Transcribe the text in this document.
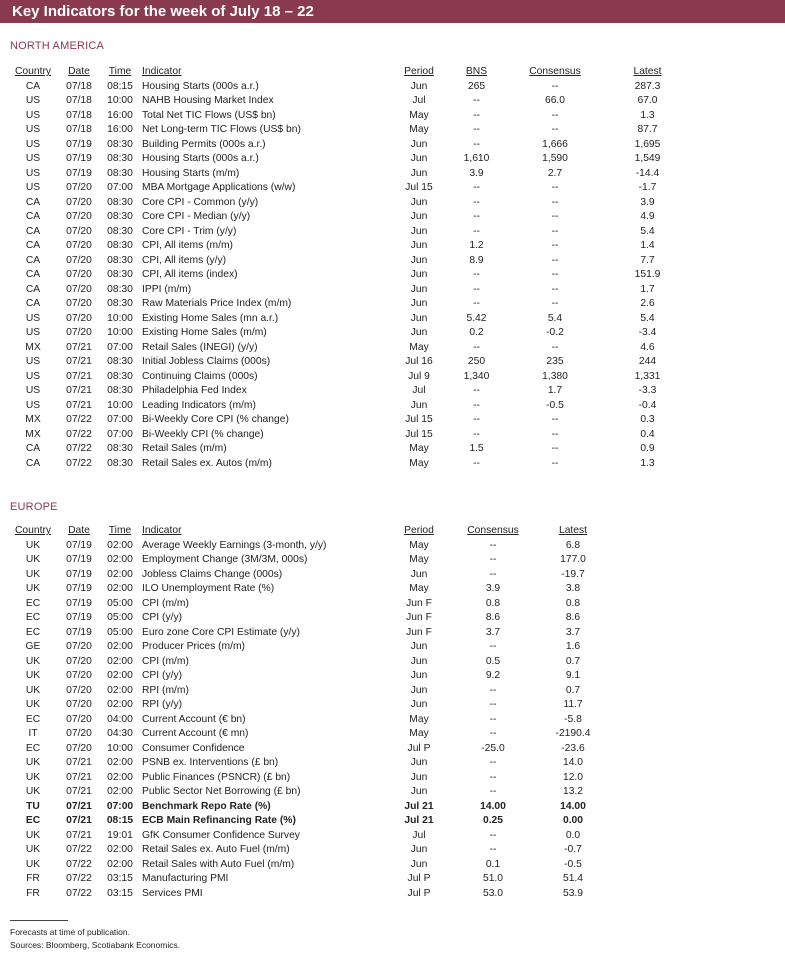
Key Indicators for the week of July 18 – 22
NORTH AMERICA
Country	Date	Time	Indicator	Period	BNS	Consensus	Latest
CA	07/18	08:15	Housing Starts (000s a.r.)	Jun	265	--	287.3
US	07/18	10:00	NAHB Housing Market Index	Jul	--	66.0	67.0
US	07/18	16:00	Total Net TIC Flows (US$ bn)	May	--	--	1.3
US	07/18	16:00	Net Long-term TIC Flows (US$ bn)	May	--	--	87.7
US	07/19	08:30	Building Permits (000s a.r.)	Jun	--	1,666	1,695
US	07/19	08:30	Housing Starts (000s a.r.)	Jun	1,610	1,590	1,549
US	07/19	08:30	Housing Starts (m/m)	Jun	3.9	2.7	-14.4
US	07/20	07:00	MBA Mortgage Applications (w/w)	Jul 15	--	--	-1.7
CA	07/20	08:30	Core CPI - Common (y/y)	Jun	--	--	3.9
CA	07/20	08:30	Core CPI - Median (y/y)	Jun	--	--	4.9
CA	07/20	08:30	Core CPI - Trim (y/y)	Jun	--	--	5.4
CA	07/20	08:30	CPI, All items (m/m)	Jun	1.2	--	1.4
CA	07/20	08:30	CPI, All items (y/y)	Jun	8.9	--	7.7
CA	07/20	08:30	CPI, All items (index)	Jun	--	--	151.9
CA	07/20	08:30	IPPI (m/m)	Jun	--	--	1.7
CA	07/20	08:30	Raw Materials Price Index (m/m)	Jun	--	--	2.6
US	07/20	10:00	Existing Home Sales (mn a.r.)	Jun	5.42	5.4	5.4
US	07/20	10:00	Existing Home Sales (m/m)	Jun	0.2	-0.2	-3.4
MX	07/21	07:00	Retail Sales (INEGI) (y/y)	May	--	--	4.6
US	07/21	08:30	Initial Jobless Claims (000s)	Jul 16	250	235	244
US	07/21	08:30	Continuing Claims (000s)	Jul 9	1,340	1,380	1,331
US	07/21	08:30	Philadelphia Fed Index	Jul	--	1.7	-3.3
US	07/21	10:00	Leading Indicators (m/m)	Jun	--	-0.5	-0.4
MX	07/22	07:00	Bi-Weekly Core CPI (% change)	Jul 15	--	--	0.3
MX	07/22	07:00	Bi-Weekly CPI (% change)	Jul 15	--	--	0.4
CA	07/22	08:30	Retail Sales (m/m)	May	1.5	--	0.9
CA	07/22	08:30	Retail Sales ex. Autos (m/m)	May	--	--	1.3
EUROPE
Country	Date	Time	Indicator	Period	Consensus	Latest
UK	07/19	02:00	Average Weekly Earnings (3-month, y/y)	May	--	6.8
UK	07/19	02:00	Employment Change (3M/3M, 000s)	May	--	177.0
UK	07/19	02:00	Jobless Claims Change (000s)	Jun	--	-19.7
UK	07/19	02:00	ILO Unemployment Rate (%)	May	3.9	3.8
EC	07/19	05:00	CPI (m/m)	Jun F	0.8	0.8
EC	07/19	05:00	CPI (y/y)	Jun F	8.6	8.6
EC	07/19	05:00	Euro zone Core CPI Estimate (y/y)	Jun F	3.7	3.7
GE	07/20	02:00	Producer Prices (m/m)	Jun	--	1.6
UK	07/20	02:00	CPI (m/m)	Jun	0.5	0.7
UK	07/20	02:00	CPI (y/y)	Jun	9.2	9.1
UK	07/20	02:00	RPI (m/m)	Jun	--	0.7
UK	07/20	02:00	RPI (y/y)	Jun	--	11.7
EC	07/20	04:00	Current Account (€ bn)	May	--	-5.8
IT	07/20	04:30	Current Account (€ mn)	May	--	-2190.4
EC	07/20	10:00	Consumer Confidence	Jul P	-25.0	-23.6
UK	07/21	02:00	PSNB ex. Interventions (£ bn)	Jun	--	14.0
UK	07/21	02:00	Public Finances (PSNCR) (£ bn)	Jun	--	12.0
UK	07/21	02:00	Public Sector Net Borrowing (£ bn)	Jun	--	13.2
TU	07/21	07:00	Benchmark Repo Rate (%)	Jul 21	14.00	14.00
EC	07/21	08:15	ECB Main Refinancing Rate (%)	Jul 21	0.25	0.00
UK	07/21	19:01	GfK Consumer Confidence Survey	Jul	--	0.0
UK	07/22	02:00	Retail Sales ex. Auto Fuel (m/m)	Jun	--	-0.7
UK	07/22	02:00	Retail Sales with Auto Fuel (m/m)	Jun	0.1	-0.5
FR	07/22	03:15	Manufacturing PMI	Jul P	51.0	51.4
FR	07/22	03:15	Services PMI	Jul P	53.0	53.9
Forecasts at time of publication.
Sources: Bloomberg, Scotiabank Economics.
